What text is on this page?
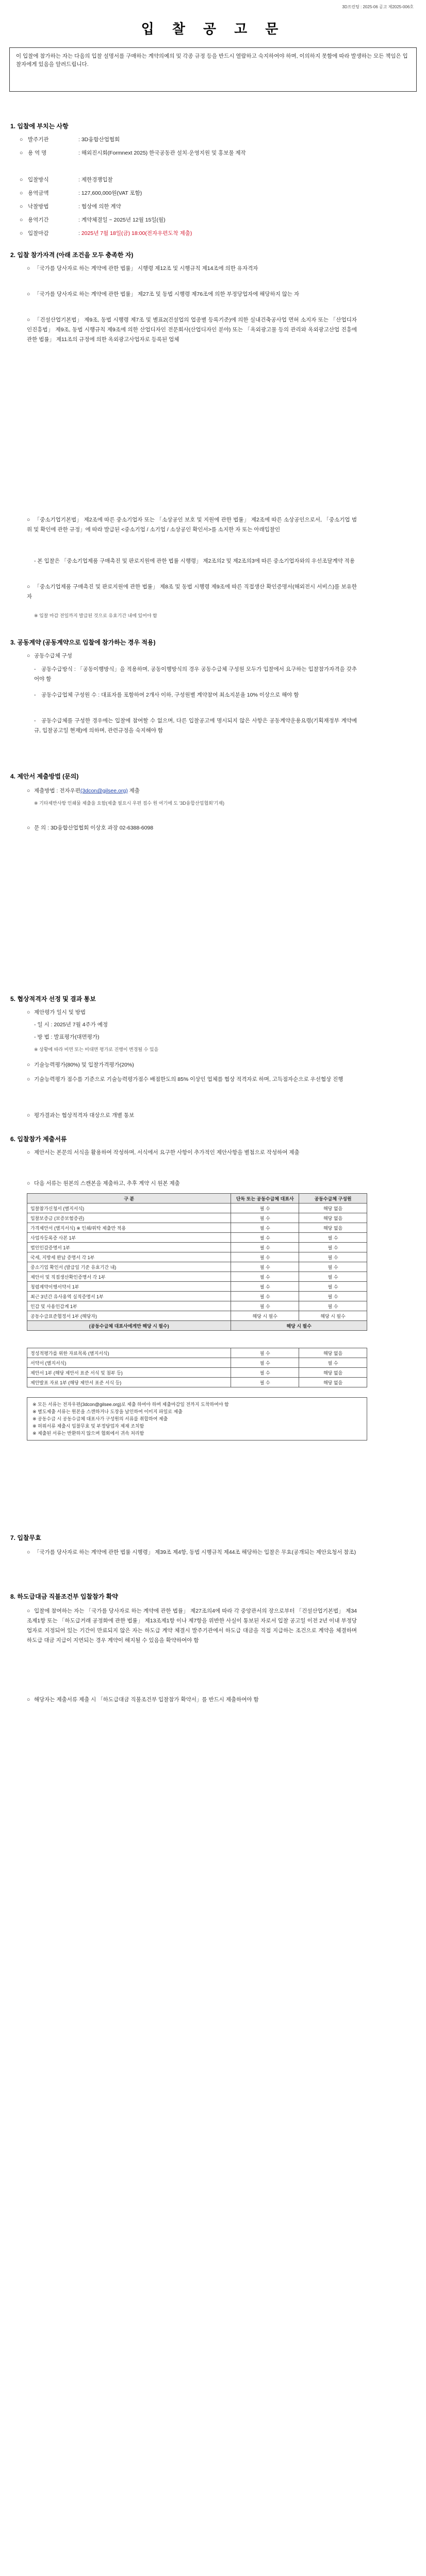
3D프린팅 : 2025-06 공고 제2025-006호
입 찰 공 고 문
이 입찰에 참가하는 자는 다음의 입찰 설명서를 구매하는 계약의예의 및 각종 규정 등을 반드시 열람하고 숙지하여야 하며, 이의하지 못함에 따라 발생하는 모든 책임은 입찰자에게 있음을 알려드립니다.
1. 입찰에 부치는 사항
○ 발주기관	: 3D융합산업협회
○ 용 역 명	: 해외진시회(Formnext 2025) 한국공동관 설치·운영지원 및 홍보물 제작
○ 입찰방식	: 제한경쟁입찰
○ 용역금액	: 127,600,000원(VAT 포함)
○ 낙찰방법	: 협상에 의한 계약
○ 용역기간	: 계약체결일 ~ 2025년 12월 15일(월)
○ 입찰마감	: 2025년 7월 18일(금) 18:00(전자우편도착 제출)
2. 입찰 참가자격 (아래 조건을 모두 충족한 자)
○ 「국가를 당사자로 하는 계약에 관한 법률」 시행령 제12조 및 시행규칙 제14조에 의한 유자격자
○ 「국가를 당사자로 하는 계약에 관한 법률」 제27조 및 동법 시행령 제76조에 의한 부정당업자에 해당하지 않는 자
○ 「건설산업기본법」 제9조, 동법 시행령 제7조 및 별표2(건설업의 업종별 등록기준)에 의한 실내건축공사업 면허 소지자 또는 「산업디자인진흥법」 제9조, 동법 시행규칙 제9조에 의한 산업디자인 전문회사(산업디자인 분야) 또는 「옥외광고물 등의 관리와 옥외광고산업 진흥에 관한 법률」 제11조의 규정에 의한 옥외광고사업자로 등록된 업체
○ 「중소기업기본법」 제2조에 따른 중소기업자 또는 「소상공인 보호 및 지원에 관한 법률」 제2조에 따른 소상공인으로서, 「중소기업 범위 및 확인에 관한 규정」에 따라 발급된 <중소기업 / 소기업 / 소상공인 확인서>를 소지한 자 또는 아래입찰인
- 본 입찰은 「중소기업제품 구매촉진 및 판로지원에 관한 법률 시행령」 제2조의2 및 제2조의3에 따른 중소기업자와의 우선조달계약 적용
○ 「중소기업제품 구매촉진 및 판로지원에 관한 법률」 제8조 및 동법 시행령 제9조에 따른 직접생산 확인증명서(해외전시 서비스)를 보유한 자
※ 입찰 마감 전일까지 발급된 것으로 유효기간 내에 있어야 함
3. 공동계약 (공동계약으로 입찰에 참가하는 경우 적용)
○ 공동수급체 구성
- 공동수급방식 : 「공동이행방식」을 적용하며, 공동이행방식의 경우 공동수급체 구성원 모두가 입찰에서 요구하는 입찰참가자격을 갖추어야 함
- 공동수급업체 구성원 수 : 대표자를 포함하여 2개사 이하, 구성원별 계약참여 최소지분율 10% 이상으로 해야 함
- 공동수급체를 구성한 경우에는 입찰에 참여할 수 없으며, 다른 입찰공고에 명시되지 않은 사항은 공동계약운용요령(기획재정부 계약예규, 입찰공고일 현재)에 의하며, 관련규정을 숙지해야 함
4. 제안서 제출방법 (문의)
○ 제출방법 : 전자우편(3dcon@gilsee.org) 제출
※ 기타제반사항 인쇄물 제출을 요함(제출 필요시 우편 접수 원 여기에 도 '3D융합산업협회'기재)
○ 문 의 : 3D융합산업협회 이상호 과장 02-6388-6098
5. 협상적격자 선정 및 결과 통보
○ 제안평가 일시 및 방법
- 일 시 : 2025년 7월 4주가 예정
- 방 법 : 발표평가(대면평가)
※ 상황에 따라 비면 또는 비대면 평가로 진행이 변경될 수 있음
○ 기술능력평가(80%) 및 입찰가격평가(20%)
○ 기술능력평가 점수를 기준으로 기술능력평가점수 배점한도의 85% 이상인 업체를 협상 적격자로 하며, 고득점자순으로 우선협상 진행
○ 평가결과는 협상적격자 대상으로 개별 통보
6. 입찰참가 제출서류
○ 제안서는 본문의 서식을 활용하여 작성하며, 서식에서 요구한 사항이 추가적인 제안사항을 별첨으로 작성하여 제출
○ 다음 서류는 원본의 스캔본을 제출하고, 추후 계약 시 원본 제출
구 분	단독 또는 공동수급체 대표사	공동수급체 구성원
입찰참가신청서 (별지서식)	필 수	해당 없음
입찰보증금 (보증보험증권)	필 수	해당 없음
가격제안서 (별지서식) ※ 인쇄/위탁 제출만 적용	필 수	해당 없음
사업자등록증 사본 1부	필 수	필 수
법인인감증명서 1부	필 수	필 수
국세, 지방세 완납 증명서 각 1부	필 수	필 수
중소기업 확인서 (발급일 기준 유효기간 내)	필 수	필 수
제안서 및 직접생산확인증명서 각 1부	필 수	필 수
청렴계약이행서약서 1부	필 수	필 수
최근 3년간 유사용역 실적증명서 1부	필 수	필 수
인감 및 사용인감계 1부	필 수	필 수
공동수급표준협정서 1부 (해당자)	해당 시 필수	해당 시 필수
(공동수급체 대표사에게만 해당 시 필수)	해당 시 필수	
정성적평가를 위한 자료목록 (별지서식)	필 수	해당 없음
서약서 (별지서식)	필 수	필 수
제안서 1부 (해당 제안서 표준 서식 및 첨부 등)	필 수	해당 없음
제안발표 자료 1부 (해당 제안서 표준 서식 등)	필 수	해당 없음
※ 모든 서류는 전자우편(3dcon@gilsee.org)로 제출 하여야 하며 제출마감일 전까지 도착하여야 함
※ 별도제출 서류는 원본을 스캔하거나 도장을 날인하여 이미지 파일로 제출
※ 공동수급 시 공동수급체 대표사가 구성원의 서류를 취합하여 제출
※ 허위서류 제출시 입찰무효 및 부정당업자 제재 조치함
※ 제출된 서류는 반환하지 않으며 협회에서 귀속 처리함
7. 입찰무효
○ 「국가를 당사자로 하는 계약에 관한 법률 시행령」 제39조 제4항, 동법 시행규칙 제44조 해당하는 입찰은 무효(공개되는 제안요청서 참조)
8. 하도급대금 직불조건부 입찰참가 확약
○ 입찰에 참여하는 자는 「국가를 당사자로 하는 계약에 관한 법률」 제27조의4에 따라 각 중앙관서의 장으로부터 「건설산업기본법」 제34조제1항 또는 「하도급거래 공정화에 관한 법률」 제13조제1항 이나 제7항을 위반한 사실이 통보된 자로서 입찰 공고일 이전 2년 이내 부정당업자로 지정되어 있는 기간이 만료되지 않은 자는 하도급 계약 체결시 발주기관에서 하도급 대금을 직접 지급하는 조건으로 계약을 체결하며 하도급 대금 지급이 지연되는 경우 계약이 해지될 수 있음을 확약하여야 함
○ 해당자는 제출서류 제출 시 「하도급대금 직불조건부 입찰참가 확약서」를 반드시 제출하여야 함
